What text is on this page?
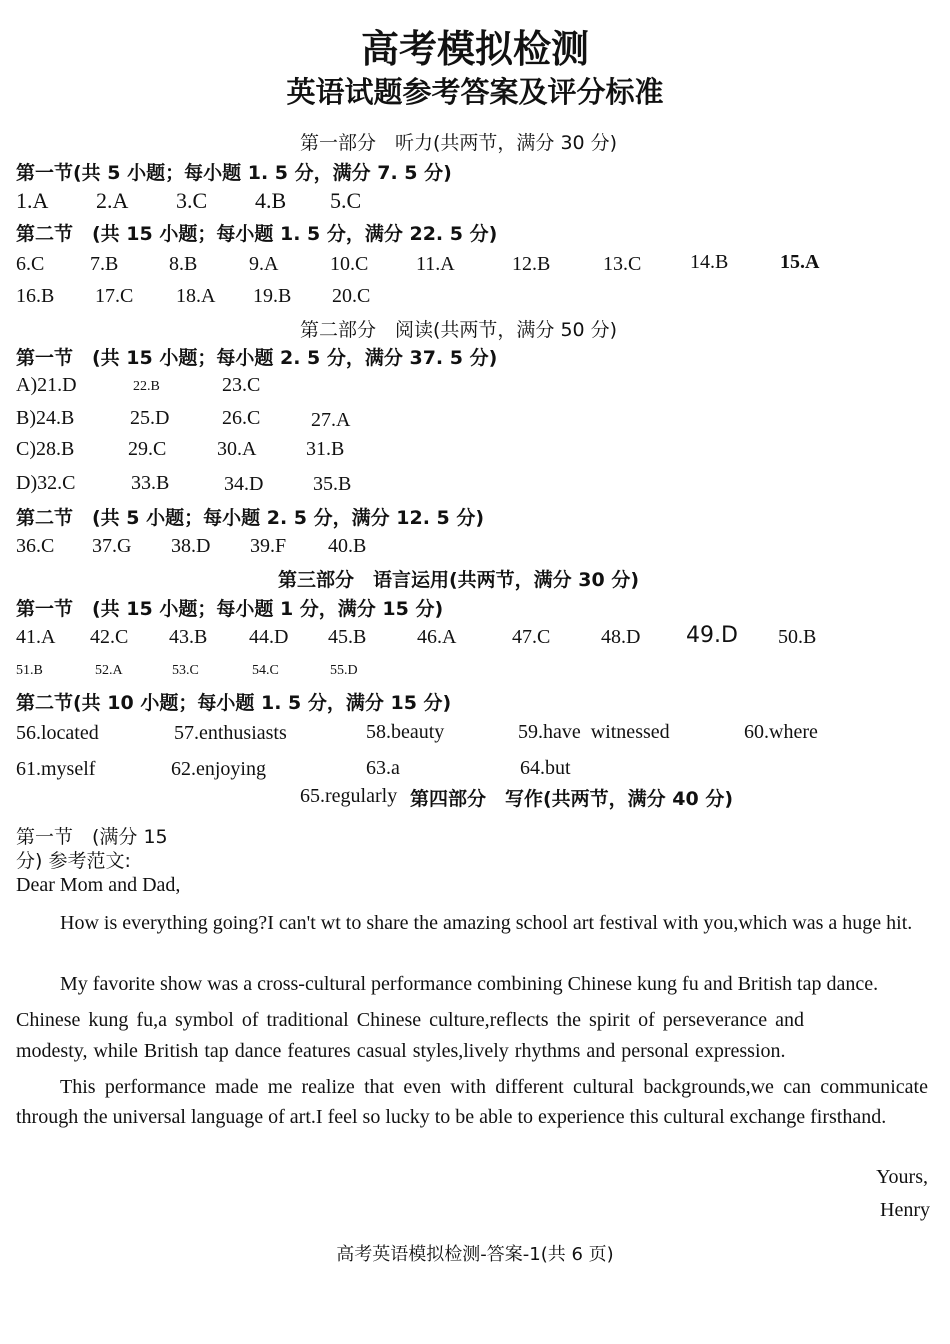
高考模拟检测
英语试题参考答案及评分标准
第一部分　听力(共两节，满分 30 分)
第一节(共 5 小题；每小题 1. 5 分，满分 7. 5 分)
1.A 2.A 3.C 4.B 5.C
第二节　(共 15 小题；每小题 1. 5 分，满分 22. 5 分)
6.C 7.B	8.B	9.A	10.C 11.A	12.B	13.C 14.B	15.A
16.B 17.C 18.A 19.B 20.C
第二部分　阅读(共两节，满分 50 分)
第一节　(共 15 小题；每小题 2. 5 分，满分 37. 5 分)
A)21.D	22.B	23.C
B)24.B	25.D	26.C	27.A
C)28.B	29.C	30.A 31.B
D)32.C	33.B	34.D 35.B
第二节　(共 5 小题；每小题 2. 5 分，满分 12. 5 分)
36.C 37.G 38.D 39.F 40.B
第三部分　语言运用(共两节，满分 30 分)
第一节　(共 15 小题；每小题 1 分，满分 15 分)
41.A 42.C 43.B 44.D 45.B	46.A	47.C	48.D 49.D 50.B
51.B	52.A	53.C	54.C	55.D
第二节(共 10 小题；每小题 1. 5 分，满分 15 分)
56.located	57.enthusiasts	58.beauty	59.have  witnessed	60.where
61.myself	62.enjoying	63.a	64.but
65.regularly 第四部分　写作(共两节，满分 40 分)
第一节　(满分 15
分) 参考范文:
Dear Mom and Dad,
How is everything going?I can't wt to share the amazing school art festival with you,which was a huge hit.
My favorite show was a cross-cultural performance combining Chinese kung fu and British tap dance.
Chinese kung fu,a symbol of traditional Chinese culture,reflects the spirit of perseverance and
modesty, while British tap dance features casual styles,lively rhythms and personal expression.
This performance made me realize that even with different cultural backgrounds,we can communicate through the universal language of art.I feel so lucky to be able to experience this cultural exchange firsthand.
Yours,
Henry
高考英语模拟检测-答案-1(共 6 页)
